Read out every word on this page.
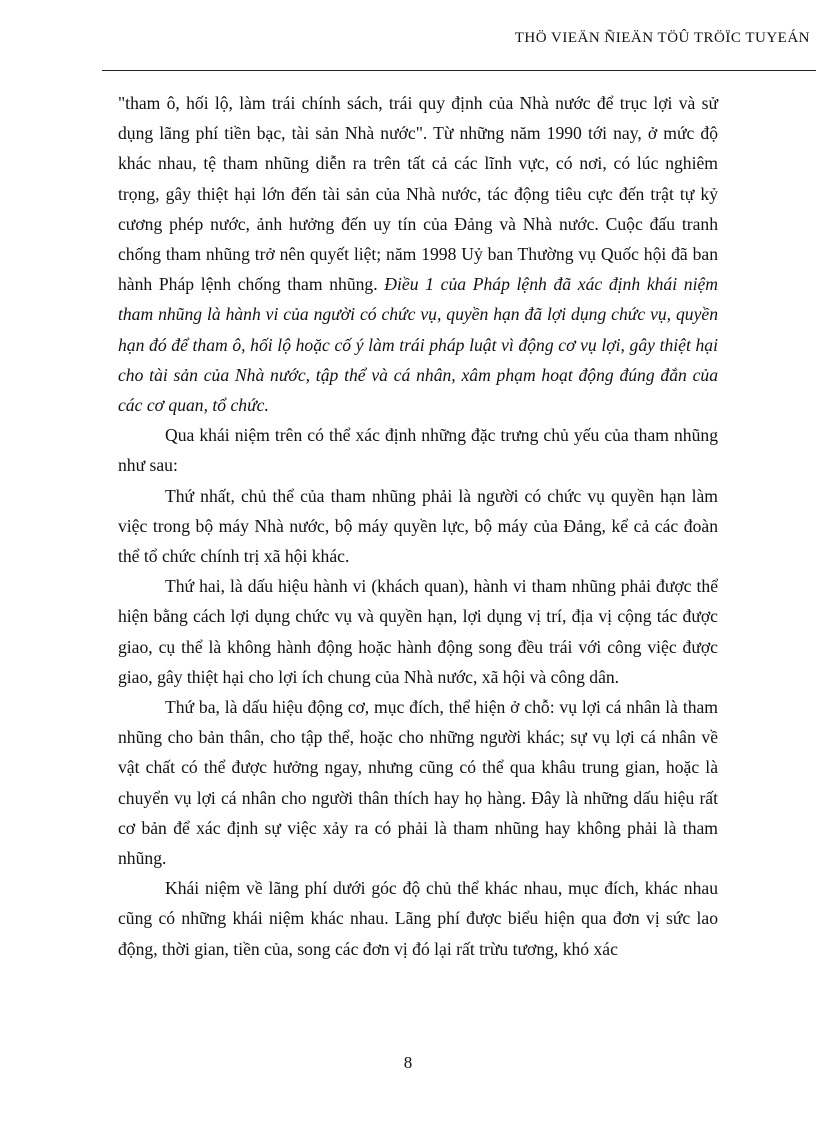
THÖ VIEÄN ÑIEÄN TÖÛ TRÖÏC TUYEÁN

"tham ô, hối lộ, làm trái chính sách, trái quy định của Nhà nước để trục lợi và sử dụng lãng phí tiền bạc, tài sản Nhà nước". Từ những năm 1990 tới nay, ở mức độ khác nhau, tệ tham nhũng diễn ra trên tất cả các lĩnh vực, có nơi, có lúc nghiêm trọng, gây thiệt hại lớn đến tài sản của Nhà nước, tác động tiêu cực đến trật tự kỷ cương phép nước, ảnh hưởng đến uy tín của Đảng và Nhà nước. Cuộc đấu tranh chống tham nhũng trở nên quyết liệt; năm 1998 Uỷ ban Thường vụ Quốc hội đã ban hành Pháp lệnh chống tham nhũng. Điều 1 của Pháp lệnh đã xác định khái niệm tham nhũng là hành vi của người có chức vụ, quyền hạn đã lợi dụng chức vụ, quyền hạn đó để tham ô, hối lộ hoặc cố ý làm trái pháp luật vì động cơ vụ lợi, gây thiệt hại cho tài sản của Nhà nước, tập thể và cá nhân, xâm phạm hoạt động đúng đắn của các cơ quan, tổ chức.

Qua khái niệm trên có thể xác định những đặc trưng chủ yếu của tham nhũng như sau:

Thứ nhất, chủ thể của tham nhũng phải là người có chức vụ quyền hạn làm việc trong bộ máy Nhà nước, bộ máy quyền lực, bộ máy của Đảng, kể cả các đoàn thể tổ chức chính trị xã hội khác.

Thứ hai, là dấu hiệu hành vi (khách quan), hành vi tham nhũng phải được thể hiện bằng cách lợi dụng chức vụ và quyền hạn, lợi dụng vị trí, địa vị cộng tác được giao, cụ thể là không hành động hoặc hành động song đều trái với công việc được giao, gây thiệt hại cho lợi ích chung của Nhà nước, xã hội và công dân.

Thứ ba, là dấu hiệu động cơ, mục đích, thể hiện ở chỗ: vụ lợi cá nhân là tham nhũng cho bản thân, cho tập thể, hoặc cho những người khác; sự vụ lợi cá nhân về vật chất có thể được hưởng ngay, nhưng cũng có thể qua khâu trung gian, hoặc là chuyển vụ lợi cá nhân cho người thân thích hay họ hàng. Đây là những dấu hiệu rất cơ bản để xác định sự việc xảy ra có phải là tham nhũng hay không phải là tham nhũng.

Khái niệm về lãng phí dưới góc độ chủ thể khác nhau, mục đích, khác nhau cũng có những khái niệm khác nhau. Lãng phí được biểu hiện qua đơn vị sức lao động, thời gian, tiền của, song các đơn vị đó lại rất trừu tương, khó xác

8
